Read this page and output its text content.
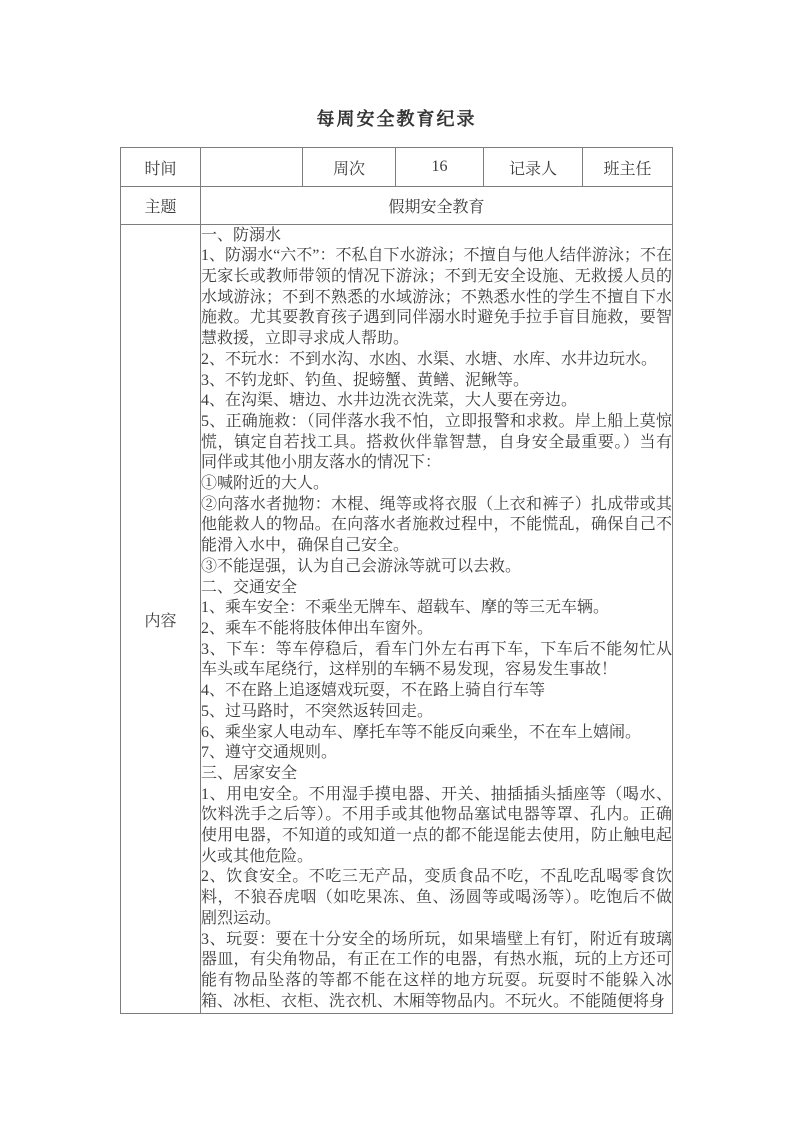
每周安全教育纪录
时间		周次	16	记录人	班主任
主题	假期安全教育				
内容	

一、防溺水

1、防溺水“六不”：不私自下水游泳；不擅自与他人结伴游泳；不在无家长或教师带领的情况下游泳；不到无安全设施、无救援人员的水域游泳；不到不熟悉的水域游泳；不熟悉水性的学生不擅自下水施救。尤其要教育孩子遇到同伴溺水时避免手拉手盲目施救，要智慧救援，立即寻求成人帮助。

2、不玩水：不到水沟、水凼、水渠、水塘、水库、水井边玩水。

3、不钓龙虾、钓鱼、捉螃蟹、黄鳝、泥鳅等。

4、在沟渠、塘边、水井边洗衣洗菜，大人要在旁边。

5、正确施救：（同伴落水我不怕，立即报警和求救。岸上船上莫惊慌，镇定自若找工具。搭救伙伴靠智慧，自身安全最重要。）当有同伴或其他小朋友落水的情况下：

①喊附近的大人。

②向落水者抛物：木棍、绳等或将衣服（上衣和裤子）扎成带或其他能救人的物品。在向落水者施救过程中，不能慌乱，确保自己不能滑入水中，确保自己安全。

③不能逞强，认为自己会游泳等就可以去救。

二、交通安全

1、乘车安全：不乘坐无牌车、超载车、摩的等三无车辆。

2、乘车不能将肢体伸出车窗外。

3、下车：等车停稳后，看车门外左右再下车，下车后不能匆忙从车头或车尾绕行，这样别的车辆不易发现，容易发生事故！

4、不在路上追逐嬉戏玩耍，不在路上骑自行车等

5、过马路时，不突然返转回走。

6、乘坐家人电动车、摩托车等不能反向乘坐，不在车上嬉闹。

7、遵守交通规则。

三、居家安全

1、用电安全。不用湿手摸电器、开关、抽插插头插座等（喝水、饮料洗手之后等）。不用手或其他物品塞试电器等罩、孔内。正确使用电器，不知道的或知道一点的都不能逞能去使用，防止触电起火或其他危险。

2、饮食安全。不吃三无产品，变质食品不吃，不乱吃乱喝零食饮料，不狼吞虎咽（如吃果冻、鱼、汤圆等或喝汤等）。吃饱后不做剧烈运动。

3、玩耍：要在十分安全的场所玩，如果墙壁上有钉，附近有玻璃器皿，有尖角物品，有正在工作的电器，有热水瓶，玩的上方还可能有物品坠落的等都不能在这样的地方玩耍。玩耍时不能躲入冰箱、冰柜、衣柜、洗衣机、木厢等物品内。不玩火。不能随便将身
